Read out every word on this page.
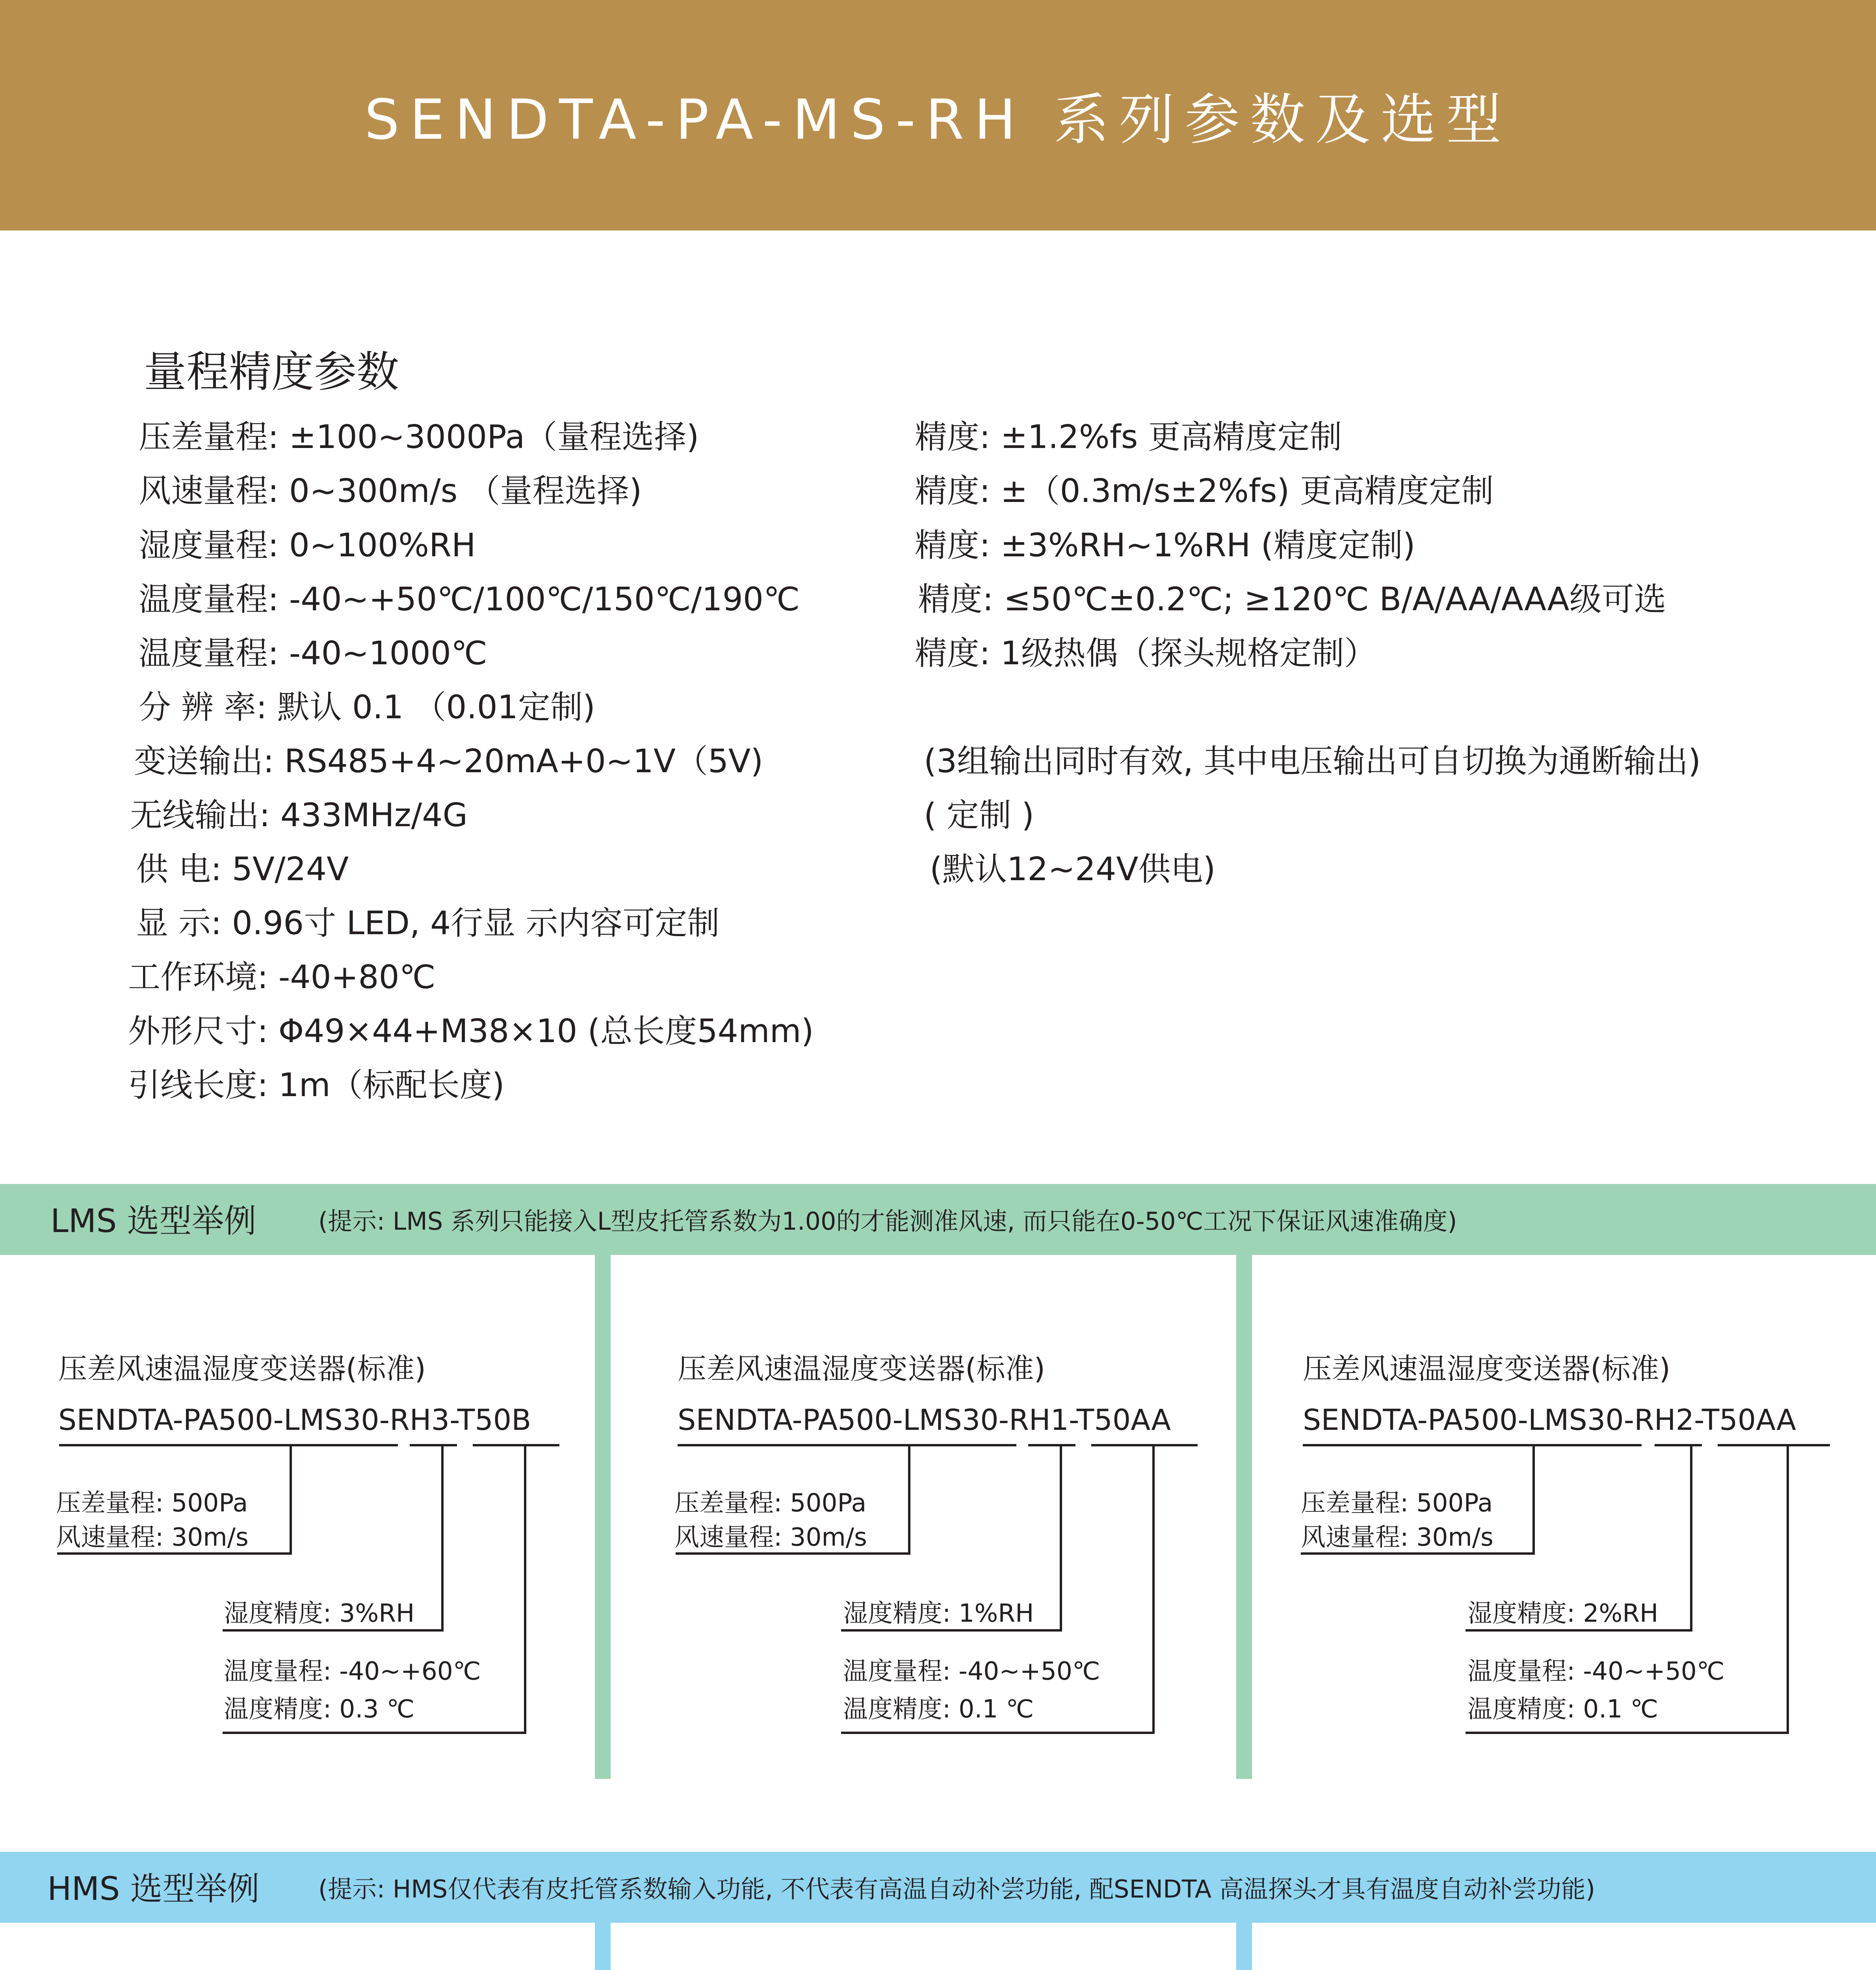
SENDTA-PA-MS-RH 系列参数及选型
量程精度参数
压差量程: ±100~3000Pa（量程选择)
风速量程: 0~300m/s （量程选择)
湿度量程: 0~100%RH
温度量程: -40~+50℃/100℃/150℃/190℃
温度量程: -40~1000℃
分 辨 率: 默认 0.1 （0.01定制)
变送输出: RS485+4~20mA+0~1V（5V)
无线输出: 433MHz/4G
供 电: 5V/24V
显 示: 0.96寸 LED, 4行显 示内容可定制
工作环境: -40+80℃
外形尺寸: Φ49×44+M38×10 (总长度54mm)
引线长度: 1m（标配长度)
精度: ±1.2%fs 更高精度定制
精度: ±（0.3m/s±2%fs) 更高精度定制
精度: ±3%RH~1%RH (精度定制)
精度: ≤50℃±0.2℃; ≥120℃ B/A/AA/AAA级可选
精度: 1级热偶（探头规格定制）
(3组输出同时有效, 其中电压输出可自切换为通断输出)
( 定制 )
(默认12~24V供电)
LMS 选型举例	(提示: LMS 系列只能接入L型皮托管系数为1.00的才能测准风速, 而只能在0-50℃工况下保证风速准确度)
压差风速温湿度变送器(标准)
SENDTA-PA500-LMS30-RH3-T50B
压差量程: 500Pa
风速量程: 30m/s
湿度精度: 3%RH
温度量程: -40~+60℃
温度精度: 0.3 ℃
压差风速温湿度变送器(标准)
SENDTA-PA500-LMS30-RH1-T50AA
压差量程: 500Pa
风速量程: 30m/s
湿度精度: 1%RH
温度量程: -40~+50℃
温度精度: 0.1 ℃
压差风速温湿度变送器(标准)
SENDTA-PA500-LMS30-RH2-T50AA
压差量程: 500Pa
风速量程: 30m/s
湿度精度: 2%RH
温度量程: -40~+50℃
温度精度: 0.1 ℃
HMS 选型举例 (提示: HMS仅代表有皮托管系数输入功能, 不代表有高温自动补尝功能, 配SENDTA 高温探头才具有温度自动补尝功能)
